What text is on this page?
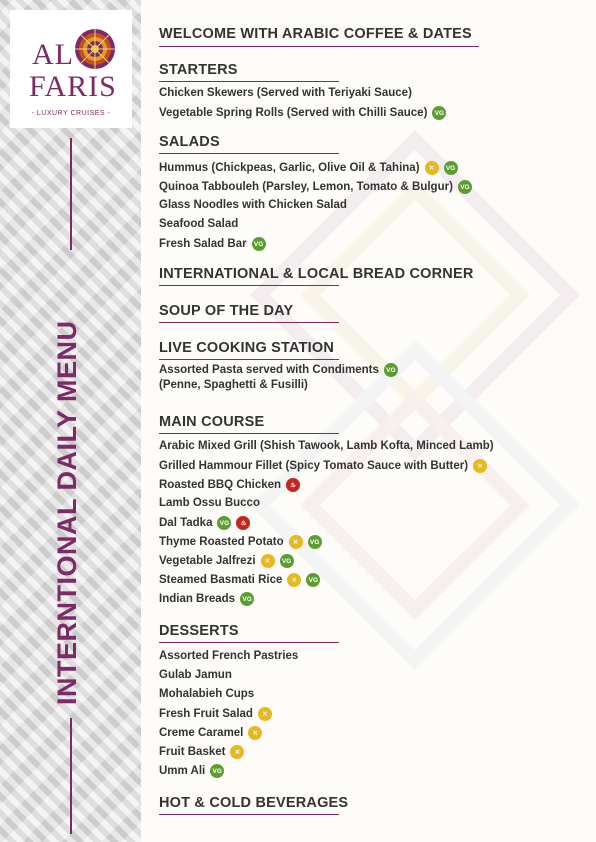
AL
FARIS
- LUXURY CRUISES -
INTERNTIONAL DAILY MENU
WELCOME WITH ARABIC COFFEE & DATES
STARTERS
Chicken Skewers (Served with Teriyaki Sauce)
Vegetable Spring Rolls (Served with Chilli Sauce)	VG
SALADS
Hummus (Chickpeas, Garlic, Olive Oil & Tahina)	✕	VG
Quinoa Tabbouleh (Parsley, Lemon, Tomato & Bulgur)	VG
Glass Noodles with Chicken Salad
Seafood Salad
Fresh Salad Bar	VG
INTERNATIONAL & LOCAL BREAD CORNER
SOUP OF THE DAY
LIVE COOKING STATION
Assorted Pasta served with Condiments	VG
(Penne, Spaghetti & Fusilli)
MAIN COURSE
Arabic Mixed Grill (Shish Tawook, Lamb Kofta, Minced Lamb)
Grilled Hammour Fillet (Spicy Tomato Sauce with Butter)	✕
Roasted BBQ Chicken	♨
Lamb Ossu Bucco
Dal Tadka	VG	♨
Thyme Roasted Potato	✕	VG
Vegetable Jalfrezi	✕	VG
Steamed Basmati Rice	✕	VG
Indian Breads	VG
DESSERTS
Assorted French Pastries
Gulab Jamun
Mohalabieh Cups
Fresh Fruit Salad	✕
Creme Caramel	✕
Fruit Basket	✕
Umm Ali	VG
HOT & COLD BEVERAGES
